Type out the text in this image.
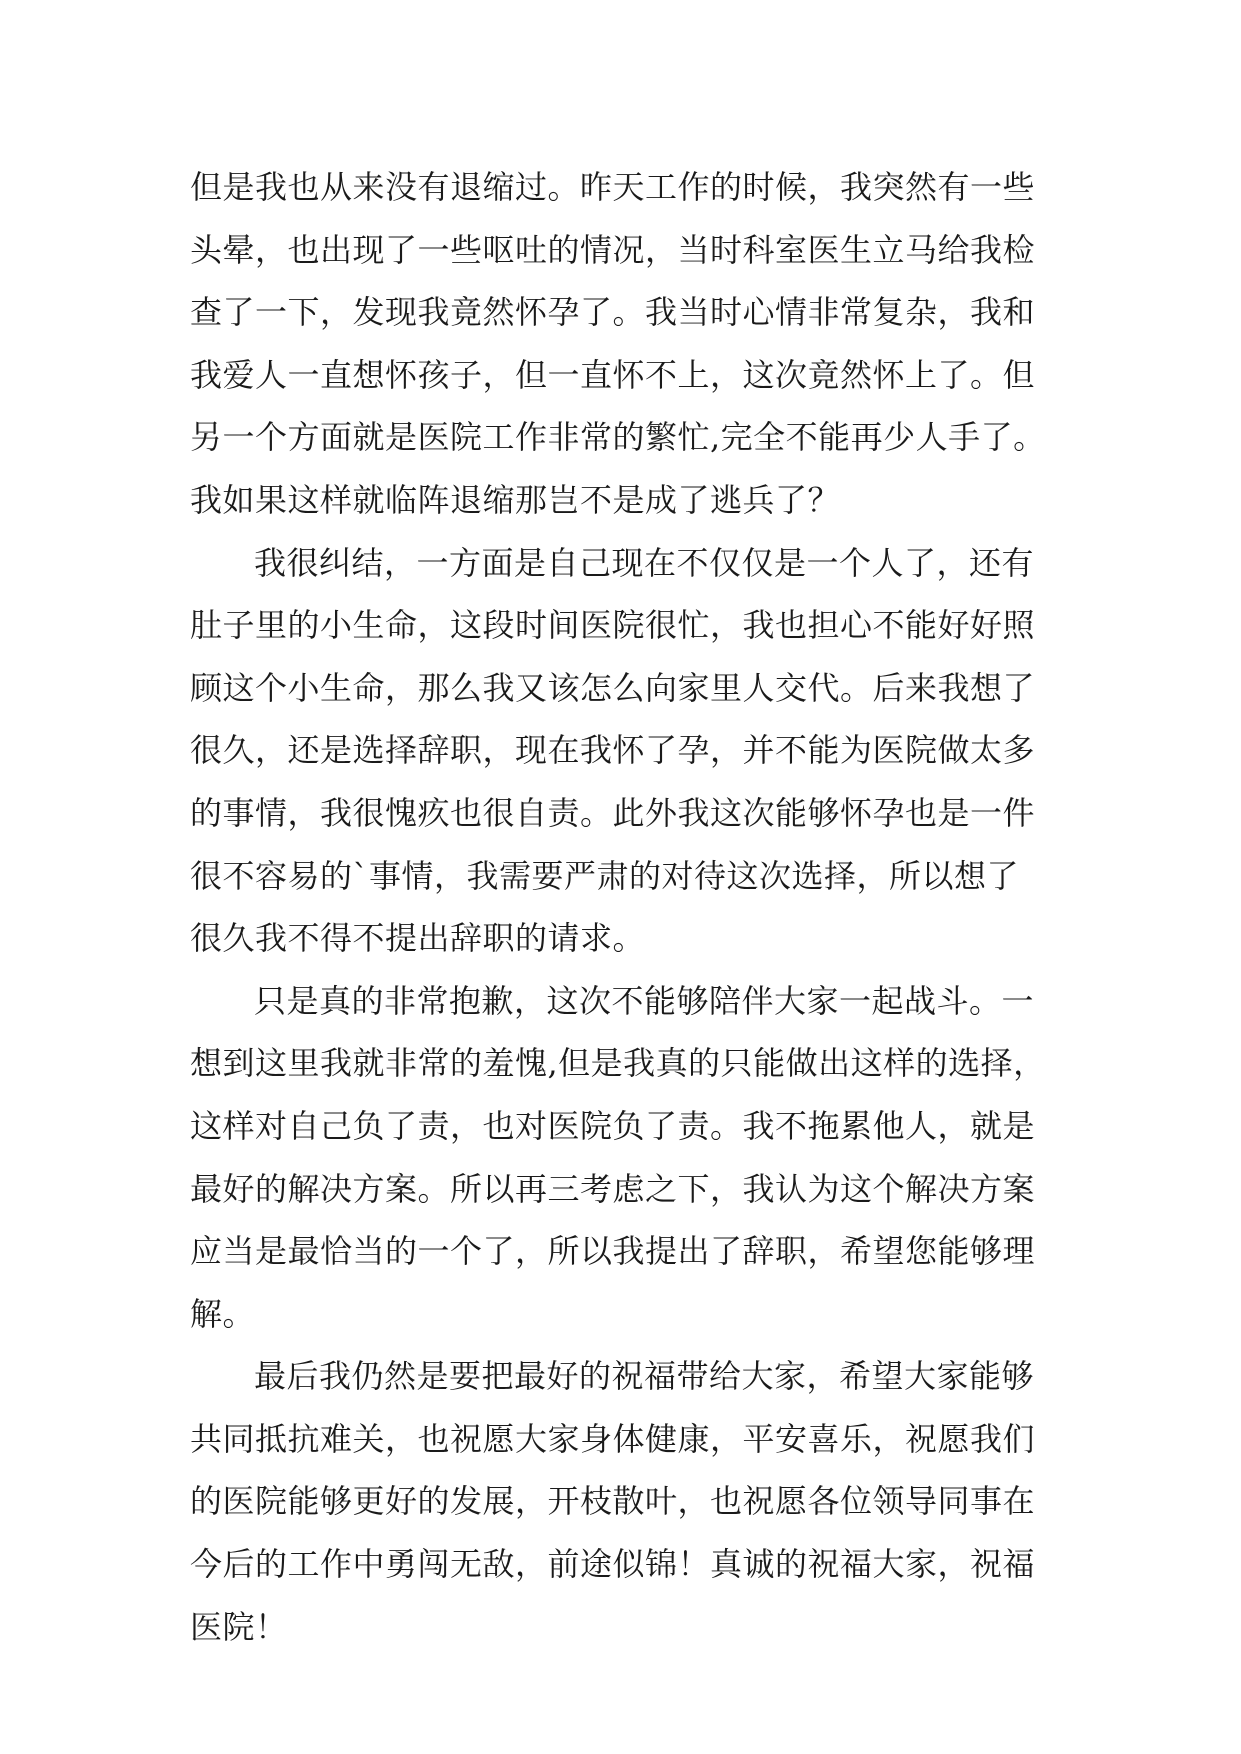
但是我也从来没有退缩过。昨天工作的时候，我突然有一些
头晕，也出现了一些呕吐的情况，当时科室医生立马给我检
查了一下，发现我竟然怀孕了。我当时心情非常复杂，我和
我爱人一直想怀孩子，但一直怀不上，这次竟然怀上了。但
另一个方面就是医院工作非常的繁忙,完全不能再少人手了。
我如果这样就临阵退缩那岂不是成了逃兵了？

我很纠结，一方面是自己现在不仅仅是一个人了，还有
肚子里的小生命，这段时间医院很忙，我也担心不能好好照
顾这个小生命，那么我又该怎么向家里人交代。后来我想了
很久，还是选择辞职，现在我怀了孕，并不能为医院做太多
的事情，我很愧疚也很自责。此外我这次能够怀孕也是一件
很不容易的`事情，我需要严肃的对待这次选择，所以想了
很久我不得不提出辞职的请求。

只是真的非常抱歉，这次不能够陪伴大家一起战斗。一
想到这里我就非常的羞愧,但是我真的只能做出这样的选择，
这样对自己负了责，也对医院负了责。我不拖累他人，就是
最好的解决方案。所以再三考虑之下，我认为这个解决方案
应当是最恰当的一个了，所以我提出了辞职，希望您能够理
解。

最后我仍然是要把最好的祝福带给大家，希望大家能够
共同抵抗难关，也祝愿大家身体健康，平安喜乐，祝愿我们
的医院能够更好的发展，开枝散叶，也祝愿各位领导同事在
今后的工作中勇闯无敌，前途似锦！真诚的祝福大家，祝福
医院！
